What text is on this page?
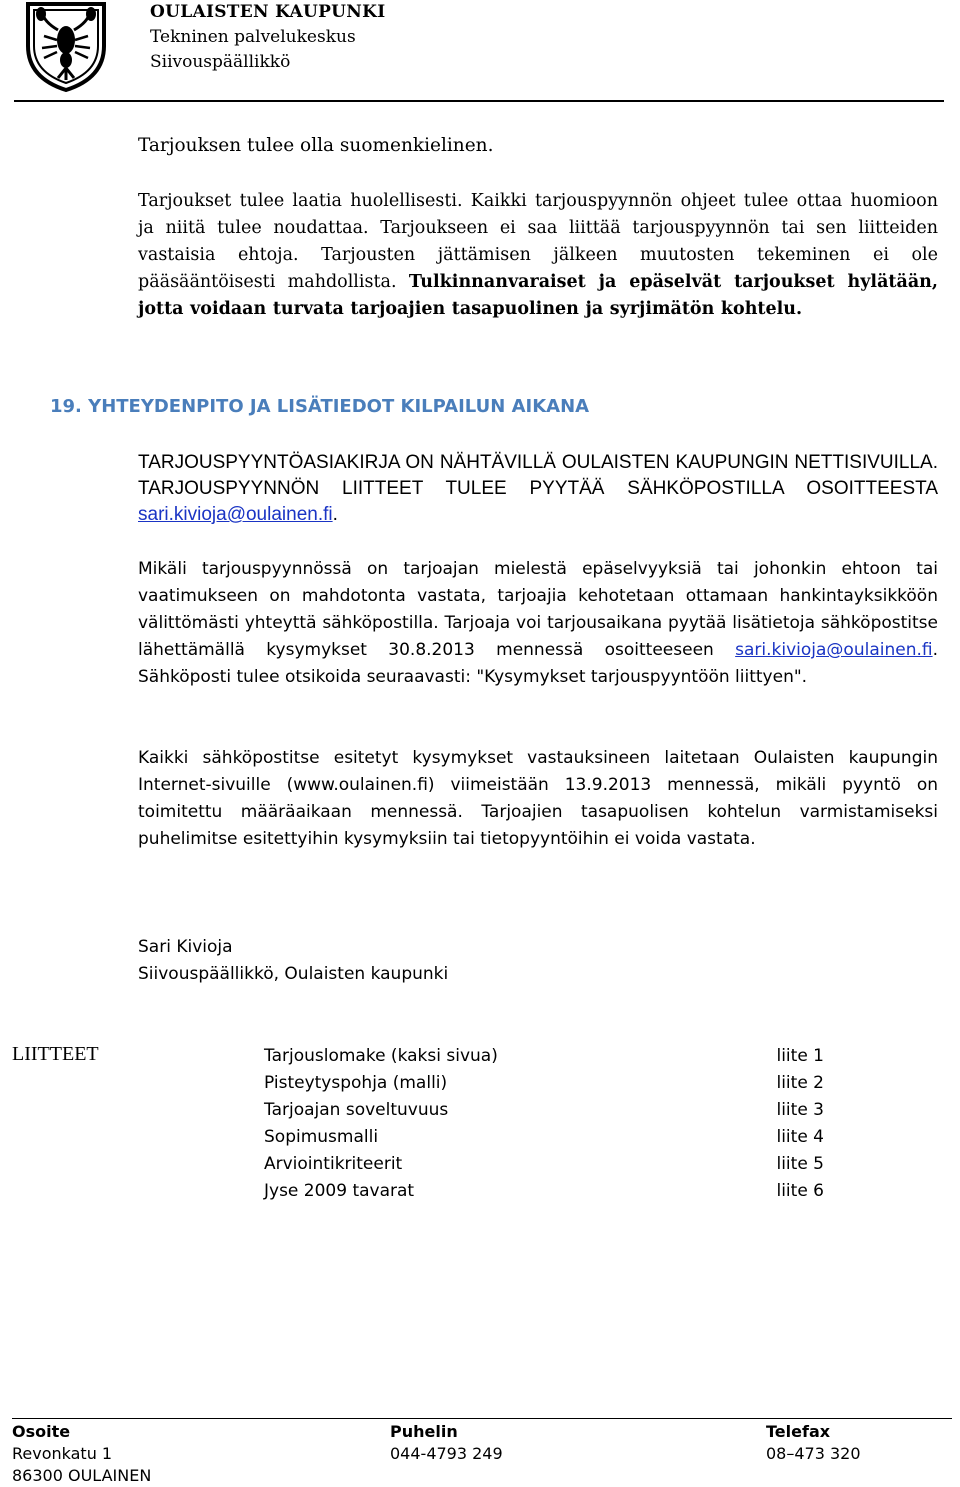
OULAISTEN KAUPUNKI
Tekninen palvelukeskus
Siivouspäällikkö
Tarjouksen tulee olla suomenkielinen.
Tarjoukset tulee laatia huolellisesti. Kaikki tarjouspyynnön ohjeet tulee ottaa huomioon ja niitä tulee noudattaa. Tarjoukseen ei saa liittää tarjouspyynnön tai sen liitteiden vastaisia ehtoja. Tarjousten jättämisen jälkeen muutosten tekeminen ei ole pääsääntöisesti mahdollista. Tulkinnanvaraiset ja epäselvät tarjoukset hylätään, jotta voidaan turvata tarjoajien tasapuolinen ja syrjimätön kohtelu.
19. YHTEYDENPITO JA LISÄTIEDOT KILPAILUN AIKANA
TARJOUSPYYNTÖASIAKIRJA ON NÄHTÄVILLÄ OULAISTEN KAUPUNGIN NETTISIVUILLA. TARJOUSPYYNNÖN LIITTEET TULEE PYYTÄÄ SÄHKÖPOSTILLA OSOITTEESTA sari.kivioja@oulainen.fi.
Mikäli tarjouspyynnössä on tarjoajan mielestä epäselvyyksiä tai johonkin ehtoon tai vaatimukseen on mahdotonta vastata, tarjoajia kehotetaan ottamaan hankintayksikköön välittömästi yhteyttä sähköpostilla. Tarjoaja voi tarjousaikana pyytää lisätietoja sähköpostitse lähettämällä kysymykset 30.8.2013 mennessä osoitteeseen sari.kivioja@oulainen.fi. Sähköposti tulee otsikoida seuraavasti: "Kysymykset tarjouspyyntöön liittyen".
Kaikki sähköpostitse esitetyt kysymykset vastauksineen laitetaan Oulaisten kaupungin Internet-sivuille (www.oulainen.fi) viimeistään 13.9.2013 mennessä, mikäli pyyntö on toimitettu määräaikaan mennessä. Tarjoajien tasapuolisen kohtelun varmistamiseksi puhelimitse esitettyihin kysymyksiin tai tietopyyntöihin ei voida vastata.
Sari Kivioja
Siivouspäällikkö, Oulaisten kaupunki
LIITTEET	Tarjouslomake (kaksi sivua)	liite 1
Pisteytyspohja (malli)	liite 2
Tarjoajan soveltuvuus	liite 3
Sopimusmalli	liite 4
Arviointikriteerit	liite 5
Jyse 2009 tavarat	liite 6
Osoite
Revonkatu 1
86300 OULAINEN
Puhelin
044-4793 249
Telefax
08–473 320
